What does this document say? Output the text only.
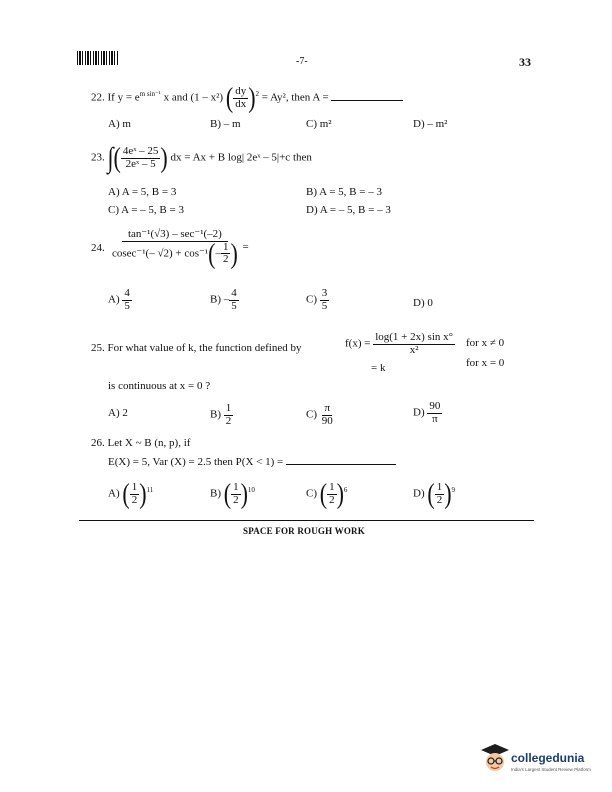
-7-	33
22. If $y = e^{m sin^{-1}}$ x and (1 – x²) ( $\frac{dy}{dx} )^2 = Ay^2$, then A =
A) m	B) – m	C) m²	D) – m²
23. ∫( $\frac{\text{4eˣ – 25}}{\text{2eˣ – 5}}$ ) dx = Ax + B log| 2eˣ – 5|+c then
A) A = 5, B = 3	B) A = 5, B = – 3
C) A = – 5, B = 3	D) A = – 5, B = – 3
24. $\frac{\text{tan⁻¹(√3) – sec⁻¹(–2)}}{cosec^{-1}(- √2) + \cos^{-1}(- \frac{1}{2} )}$ =
$A) \frac{4}{5}$	$B) - \frac{4}{5}$	$C) \frac{3}{5}$	D) 0
25. For what value of k, the function defined by	$f(x) = \frac{\text{log(1 + 2x) sin x°}}{\text{x²}}$ for x ≠ 0
= k	for x = 0
is continuous at x = 0 ?
A) 2	$B) \frac{1}{2}$	$C) \frac{\pi}{90}$	$D) \frac{90}{\pi}$
26. Let X ~ B (n, p), if
E(X) = 5, Var (X) = 2.5 then P(X < 1) =
A) ( $\frac{1}{2} )^{11}$	B) ( $\frac{1}{2} )^{10}$	C) ( $\frac{1}{2} )^6$	D) ( $\frac{1}{2} )^9$
SPACE FOR ROUGH WORK
collegedunia
India's Largest Student Review Platform
